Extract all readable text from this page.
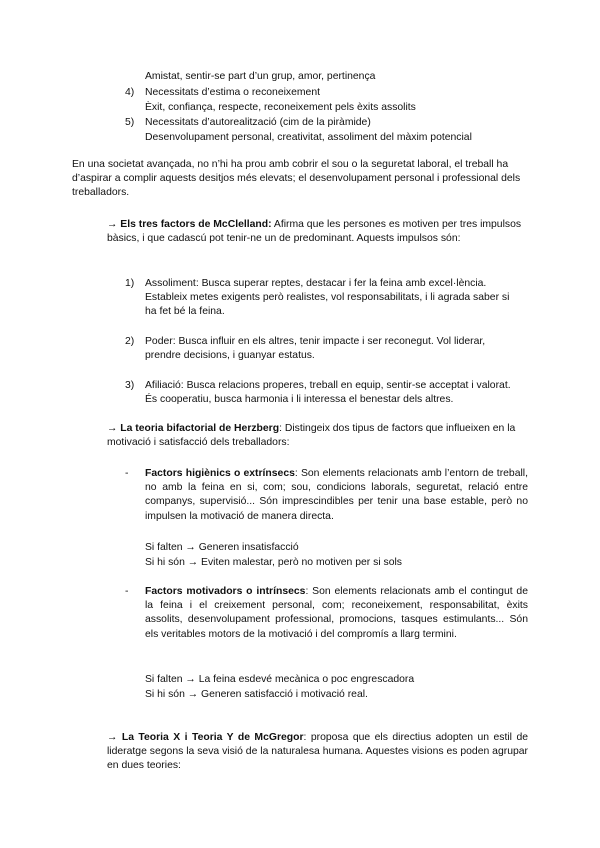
Amistat, sentir-se part d’un grup, amor, pertinença

4) Necessitats d’estima o reconeixement

Èxit, confiança, respecte, reconeixement pels èxits assolits

5) Necessitats d’autorealització (cim de la piràmide)

Desenvolupament personal, creativitat, assoliment del màxim potencial

En una societat avançada, no n’hi ha prou amb cobrir el sou o la seguretat laboral, el treball ha d’aspirar a complir aquests desitjos més elevats; el desenvolupament personal i professional dels treballadors.

→ Els tres factors de McClelland: Afirma que les persones es motiven per tres impulsos bàsics, i que cadascú pot tenir-ne un de predominant. Aquests impulsos són:

1) Assoliment: Busca superar reptes, destacar i fer la feina amb excel·lència. Estableix metes exigents però realistes, vol responsabilitats, i li agrada saber si ha fet bé la feina.

2) Poder: Busca influir en els altres, tenir impacte i ser reconegut. Vol liderar, prendre decisions, i guanyar estatus.

3) Afiliació: Busca relacions properes, treball en equip, sentir-se acceptat i valorat. És cooperatiu, busca harmonia i li interessa el benestar dels altres.

→ La teoria bifactorial de Herzberg: Distingeix dos tipus de factors que influeixen en la motivació i satisfacció dels treballadors:

- Factors higiènics o extrínsecs: Son elements relacionats amb l’entorn de treball, no amb la feina en si, com; sou, condicions laborals, seguretat, relació entre companys, supervisió... Són imprescindibles per tenir una base estable, però no impulsen la motivació de manera directa.

Si falten → Generen insatisfacció

Si hi són → Eviten malestar, però no motiven per si sols

- Factors motivadors o intrínsecs: Son elements relacionats amb el contingut de la feina i el creixement personal, com; reconeixement, responsabilitat, èxits assolits, desenvolupament professional, promocions, tasques estimulants... Són els veritables motors de la motivació i del compromís a llarg termini.

Si falten → La feina esdevé mecànica o poc engrescadora

Si hi són → Generen satisfacció i motivació real.

→ La Teoria X i Teoria Y de McGregor: proposa que els directius adopten un estil de lideratge segons la seva visió de la naturalesa humana. Aquestes visions es poden agrupar en dues teories:
